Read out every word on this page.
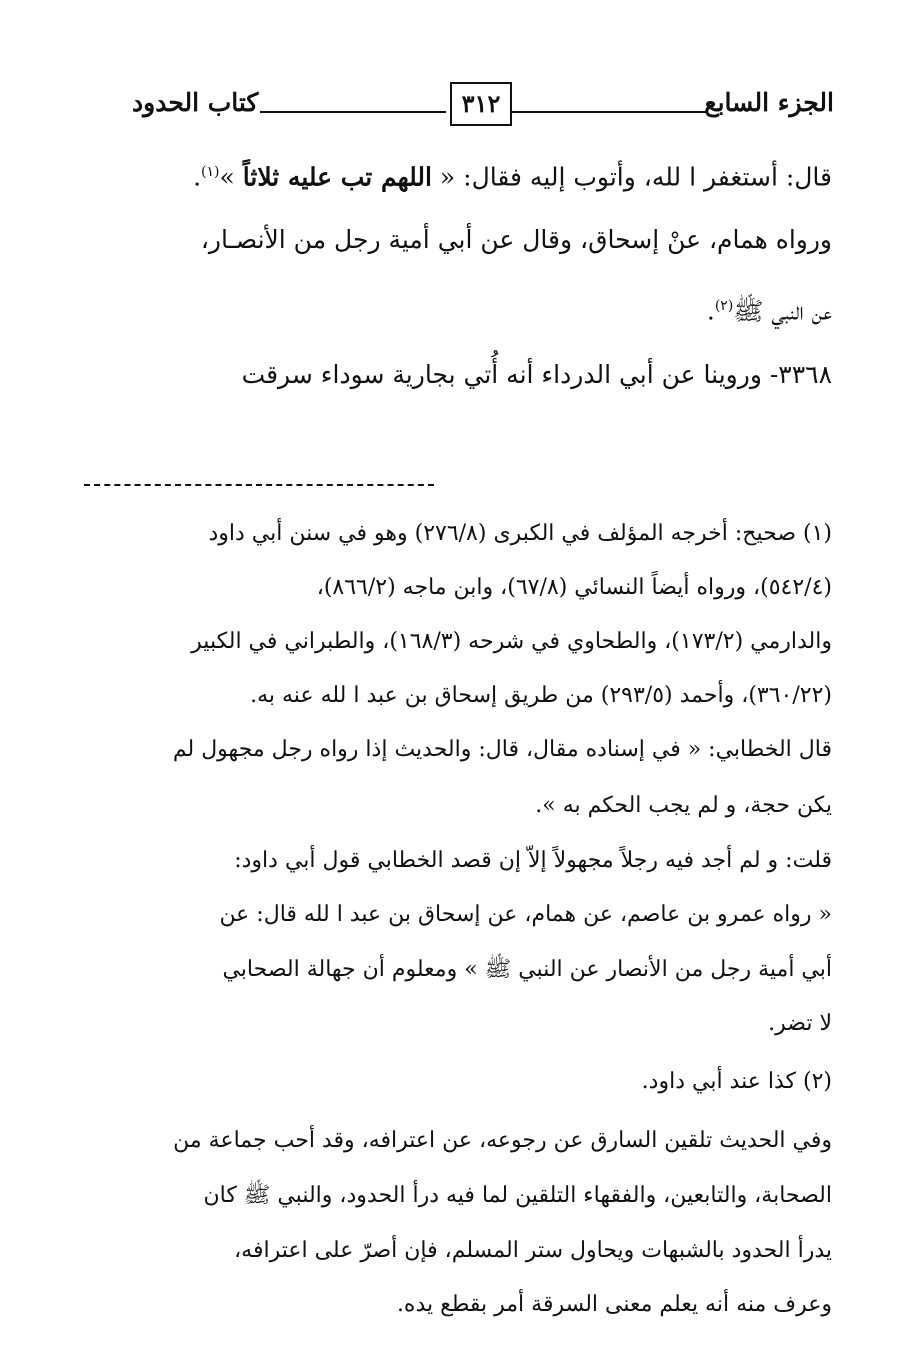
الجزء السابع
٣١٢
كتاب الحدود
قال: أستغفر ا لله، وأتوب إليه فقال: « اللهم تب عليه ثلاثاً »$^{(١)}$.
ورواه همام، عنْ إسحاق، وقال عن أبي أمية رجل من الأنصـار،
عن النبي ﷺ$^{(٢)}$.
٣٣٦٨- وروينا عن أبي الدرداء أنه أُتي بجارية سوداء سرقت
(١) صحيح: أخرجه المؤلف في الكبرى (٢٧٦/٨) وهو في سنن أبي داود
(٥٤٢/٤)، ورواه أيضاً النسائي (٦٧/٨)، وابن ماجه (٨٦٦/٢)،
والدارمي (١٧٣/٢)، والطحاوي في شرحه (١٦٨/٣)، والطبراني في الكبير
(٣٦٠/٢٢)، وأحمد (٢٩٣/٥) من طريق إسحاق بن عبد ا لله عنه به.
قال الخطابي: « في إسناده مقال، قال: والحديث إذا رواه رجل مجهول لم
يكن حجة، و لم يجب الحكم به ».
قلت: و لم أجد فيه رجلاً مجهولاً إلاّ إن قصد الخطابي قول أبي داود:
« رواه عمرو بن عاصم، عن همام، عن إسحاق بن عبد ا لله قال: عن
أبي أمية رجل من الأنصار عن النبي ﷺ » ومعلوم أن جهالة الصحابي
لا تضر.
(٢) كذا عند أبي داود.
وفي الحديث تلقين السارق عن رجوعه، عن اعترافه، وقد أحب جماعة من
الصحابة، والتابعين، والفقهاء التلقين لما فيه درأ الحدود، والنبي ﷺ كان
يدرأ الحدود بالشبهات ويحاول ستر المسلم، فإن أصرّ على اعترافه،
وعرف منه أنه يعلم معنى السرقة أمر بقطع يده.
